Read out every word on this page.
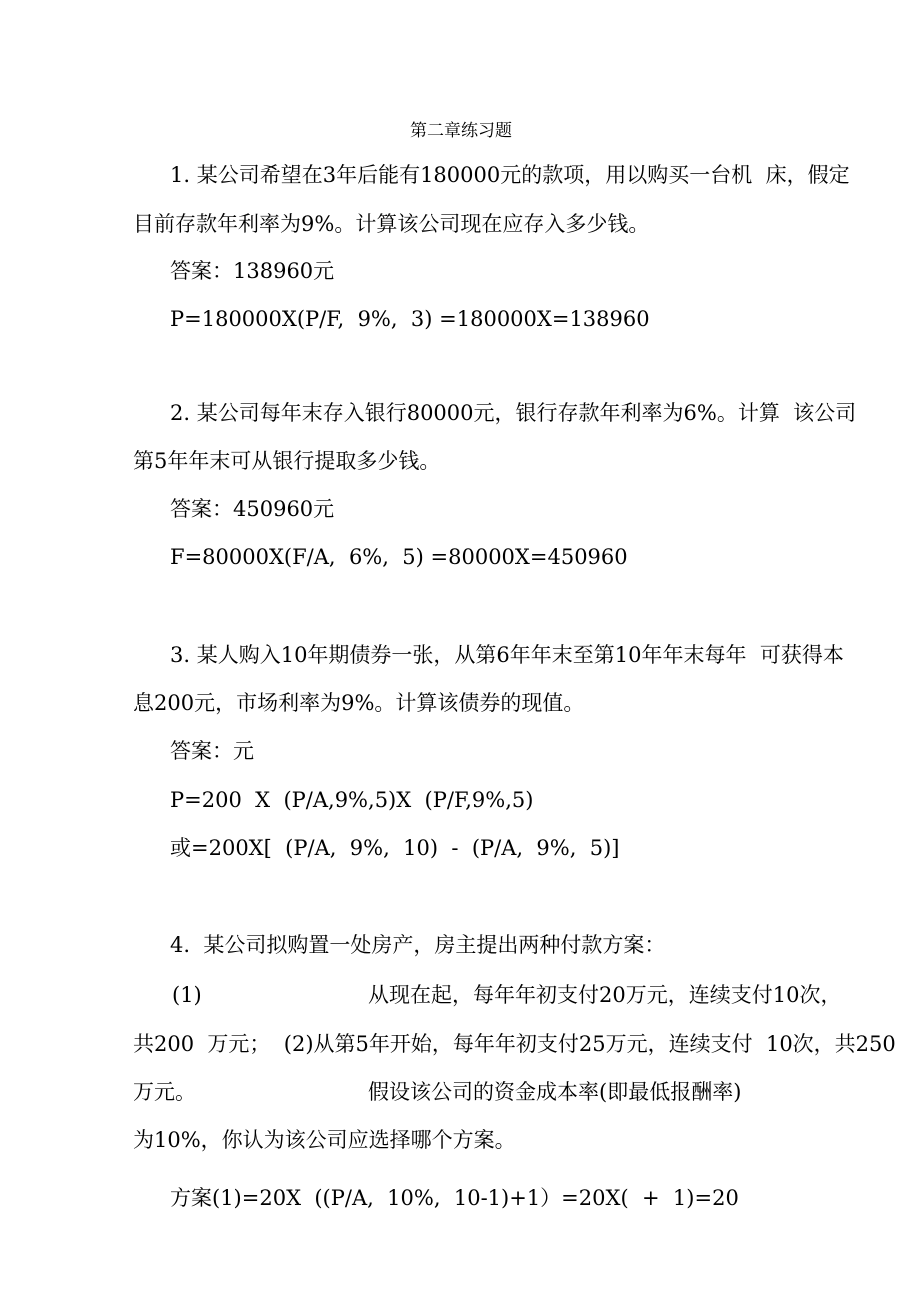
第二章练习题
1. 某公司希望在3年后能有180000元的款项，用以购买一台机  床，假定
目前存款年利率为9%。计算该公司现在应存入多少钱。
答案：138960元
P=180000X(P/F,  9%,  3) =180000X=138960
2. 某公司每年末存入银行80000元，银行存款年利率为6%。计算  该公司
第5年年末可从银行提取多少钱。
答案：450960元
F=80000X(F/A,  6%,  5) =80000X=450960
3. 某人购入10年期债券一张，从第6年年末至第10年年末每年  可获得本
息200元，市场利率为9%。计算该债券的现值。
答案：元
P=200  X  (P/A,9%,5)X  (P/F,9%,5)
或=200X[  (P/A,  9%,  10)  -  (P/A,  9%,  5)]
4.  某公司拟购置一处房产，房主提出两种付款方案：
(1)	从现在起，每年年初支付20万元，连续支付10次，
共200  万元；  (2)从第5年开始，每年年初支付25万元，连续支付  10次，共250
万元。	假设该公司的资金成本率(即最低报酬率)
为10%，你认为该公司应选择哪个方案。
方案(1)=20X  ((P/A,  10%,  10-1)+1）=20X(  +  1)=20
